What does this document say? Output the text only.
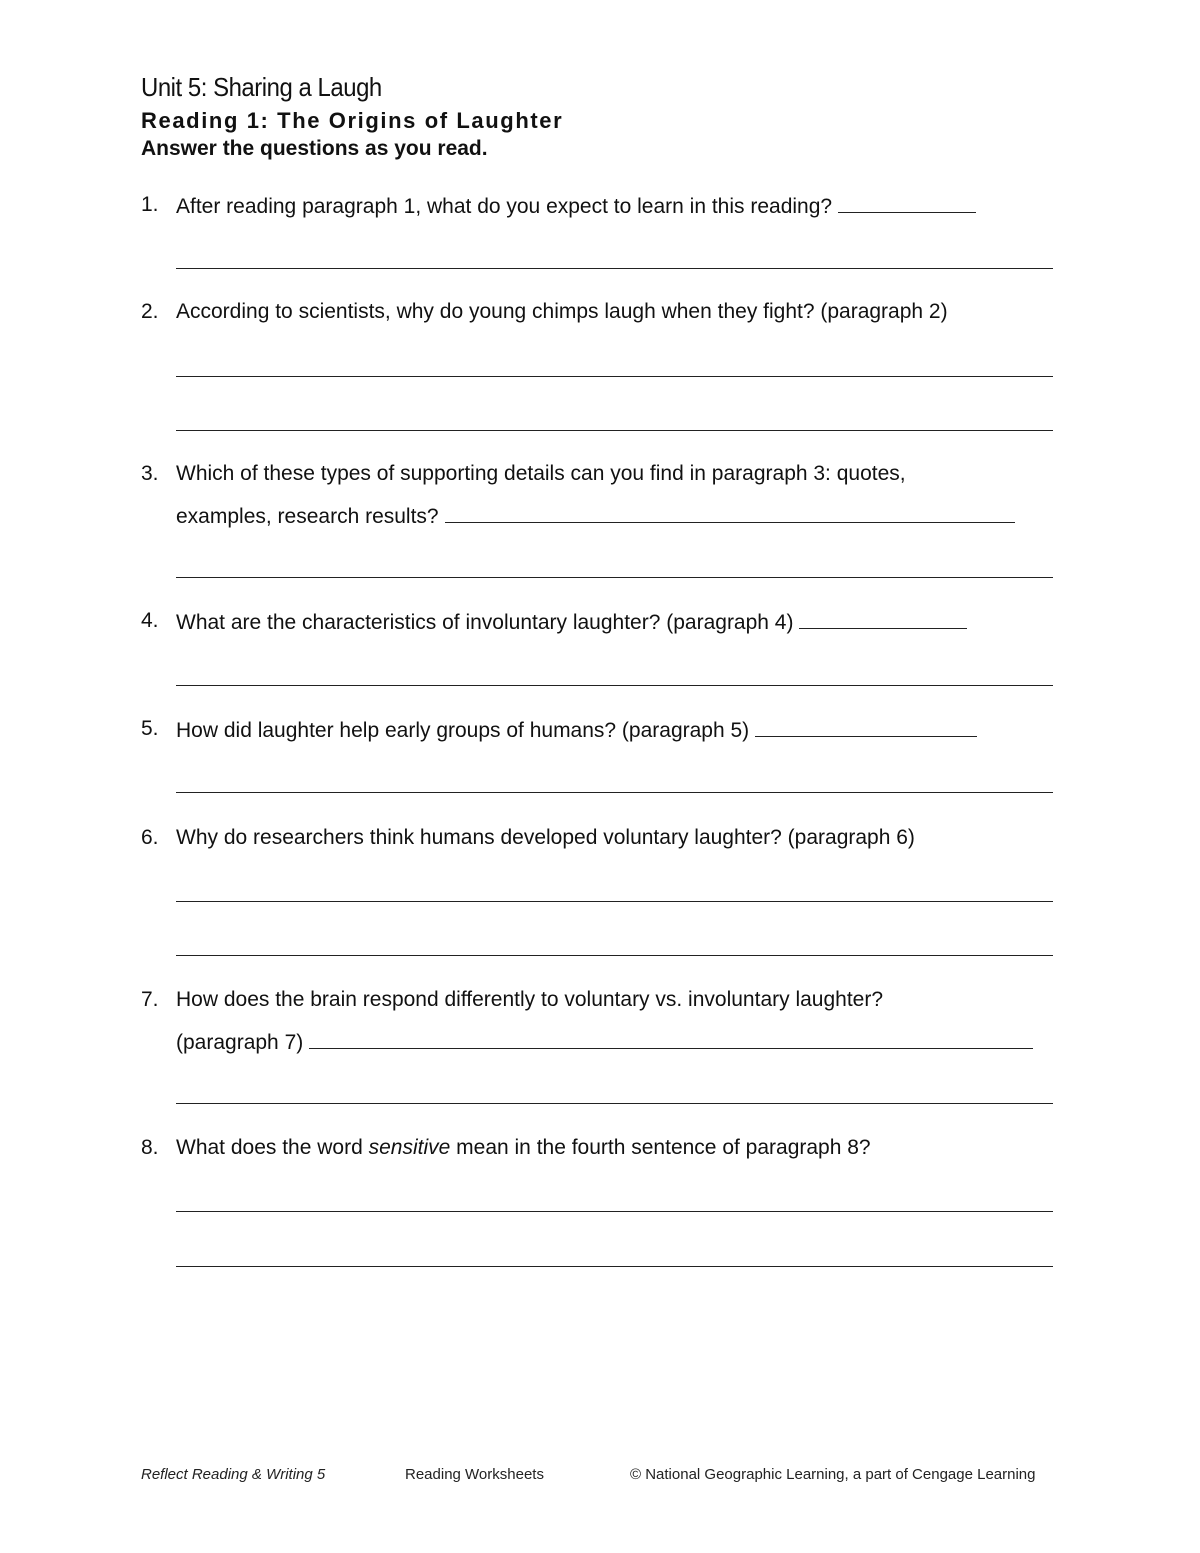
Unit 5: Sharing a Laugh
Reading 1: The Origins of Laughter
Answer the questions as you read.
1. After reading paragraph 1, what do you expect to learn in this reading?
2. According to scientists, why do young chimps laugh when they fight? (paragraph 2)
3. Which of these types of supporting details can you find in paragraph 3: quotes,
examples, research results?
4. What are the characteristics of involuntary laughter? (paragraph 4)
5. How did laughter help early groups of humans? (paragraph 5)
6. Why do researchers think humans developed voluntary laughter? (paragraph 6)
7. How does the brain respond differently to voluntary vs. involuntary laughter?
(paragraph 7)
8. What does the word sensitive mean in the fourth sentence of paragraph 8?
Reflect Reading & Writing 5	Reading Worksheets	© National Geographic Learning, a part of Cengage Learning
